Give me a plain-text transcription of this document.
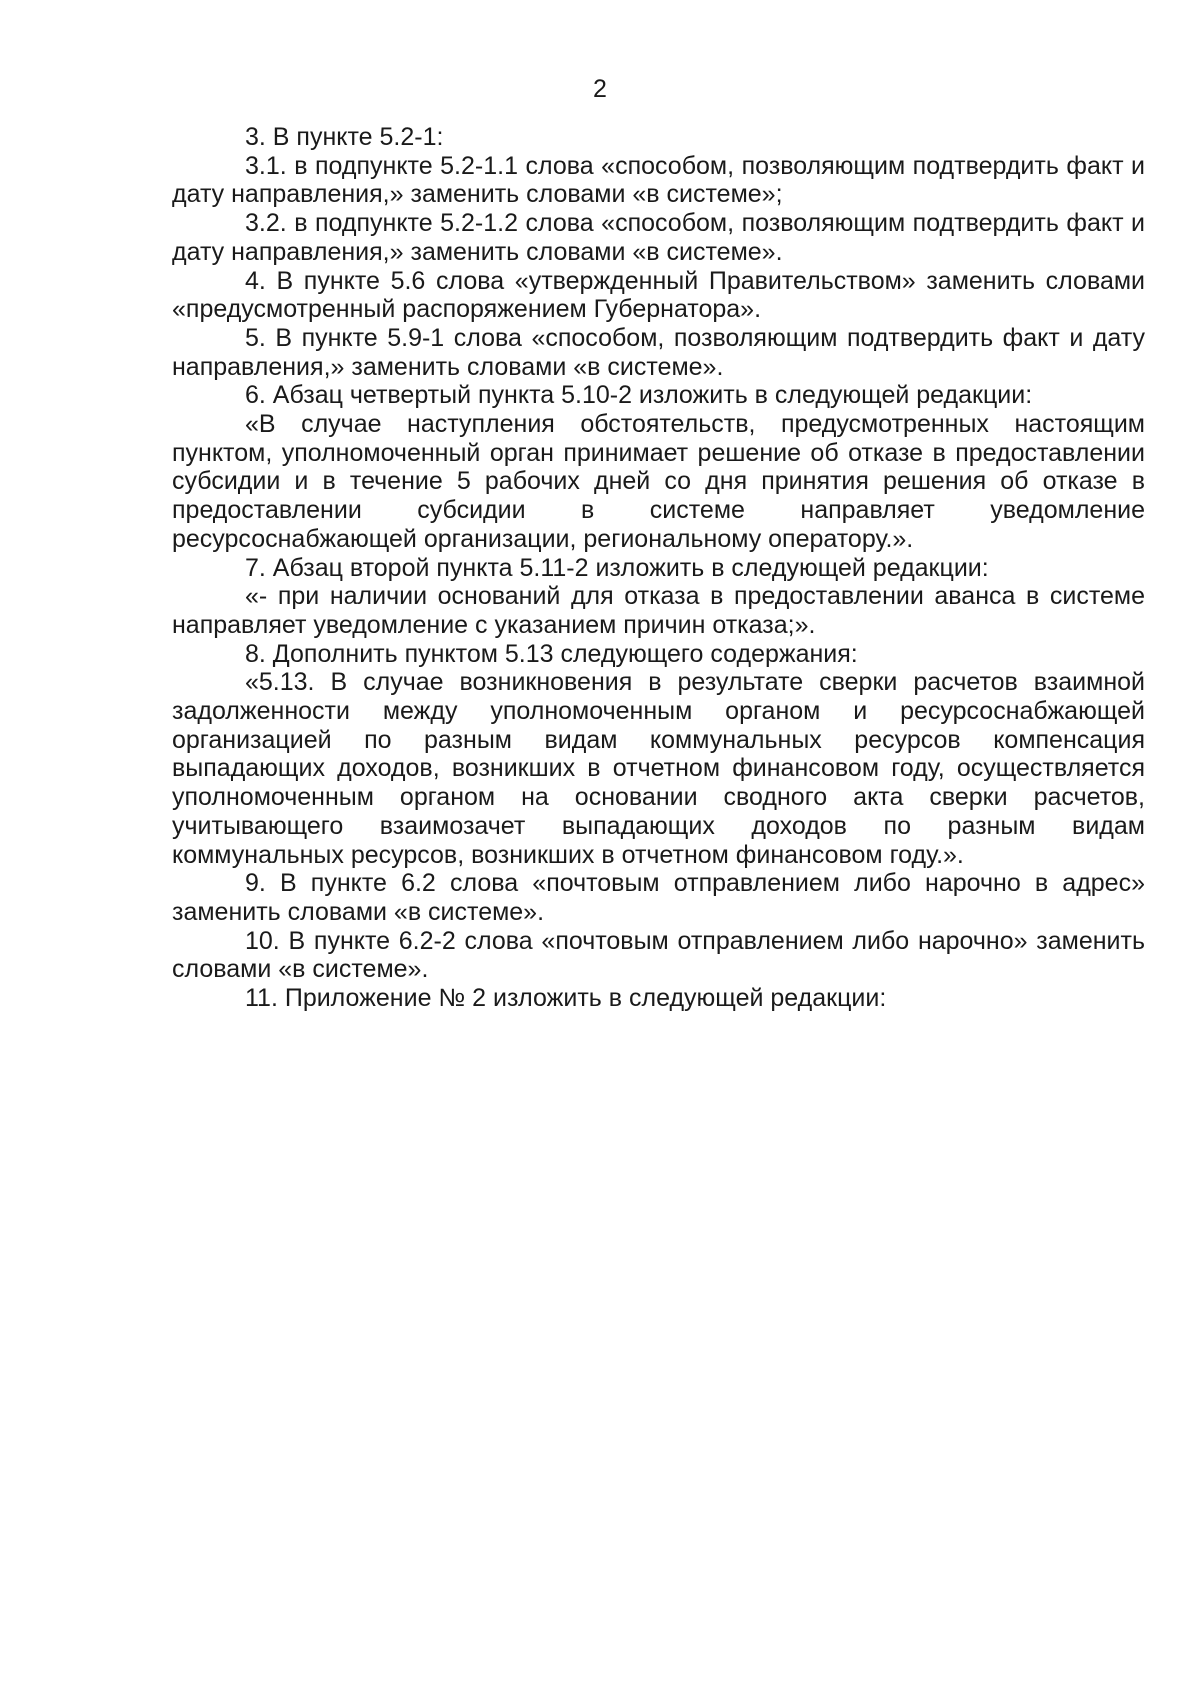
2

3. В пункте 5.2-1:

3.1. в подпункте 5.2-1.1 слова «способом, позволяющим подтвердить факт и дату направления,» заменить словами «в системе»;

3.2. в подпункте 5.2-1.2 слова «способом, позволяющим подтвердить факт и дату направления,» заменить словами «в системе».

4. В пункте 5.6 слова «утвержденный Правительством» заменить словами «предусмотренный распоряжением Губернатора».

5. В пункте 5.9-1 слова «способом, позволяющим подтвердить факт и дату направления,» заменить словами «в системе».

6. Абзац четвертый пункта 5.10-2 изложить в следующей редакции:

«В случае наступления обстоятельств, предусмотренных настоящим пунктом, уполномоченный орган принимает решение об отказе в предоставлении субсидии и в течение 5 рабочих дней со дня принятия решения об отказе в предоставлении субсидии в системе направляет уведомление ресурсоснабжающей организации, региональному оператору.».

7. Абзац второй пункта 5.11-2 изложить в следующей редакции:

«- при наличии оснований для отказа в предоставлении аванса в системе направляет уведомление с указанием причин отказа;».

8. Дополнить пунктом 5.13 следующего содержания:

«5.13. В случае возникновения в результате сверки расчетов взаимной задолженности между уполномоченным органом и ресурсоснабжающей организацией по разным видам коммунальных ресурсов компенсация выпадающих доходов, возникших в отчетном финансовом году, осуществляется уполномоченным органом на основании сводного акта сверки расчетов, учитывающего взаимозачет выпадающих доходов по разным видам коммунальных ресурсов, возникших в отчетном финансовом году.».

9. В пункте 6.2 слова «почтовым отправлением либо нарочно в адрес» заменить словами «в системе».

10. В пункте 6.2-2 слова «почтовым отправлением либо нарочно» заменить словами «в системе».

11. Приложение № 2 изложить в следующей редакции:
